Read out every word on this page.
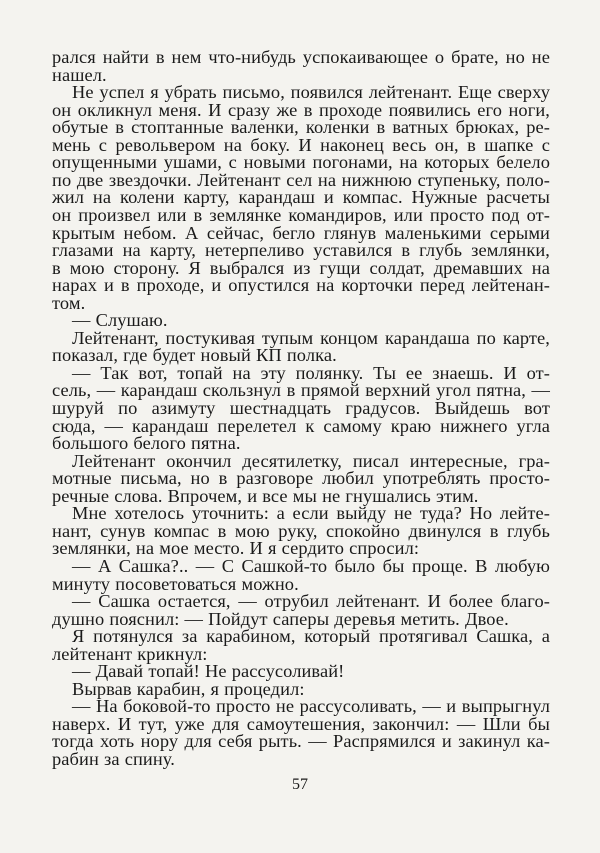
рался найти в нем что-нибудь успокаивающее о брате, но не
нашел.
Не успел я убрать письмо, появился лейтенант. Еще сверху
он окликнул меня. И сразу же в проходе появились его ноги,
обутые в стоптанные валенки, коленки в ватных брюках, ре-
мень с револьвером на боку. И наконец весь он, в шапке с
опущенными ушами, с новыми погонами, на которых белело
по две звездочки. Лейтенант сел на нижнюю ступеньку, поло-
жил на колени карту, карандаш и компас. Нужные расчеты
он произвел или в землянке командиров, или просто под от-
крытым небом. А сейчас, бегло глянув маленькими серыми
глазами на карту, нетерпеливо уставился в глубь землянки,
в мою сторону. Я выбрался из гущи солдат, дремавших на
нарах и в проходе, и опустился на корточки перед лейтенан-
том.
— Слушаю.
Лейтенант, постукивая тупым концом карандаша по карте,
показал, где будет новый КП полка.
— Так вот, топай на эту полянку. Ты ее знаешь. И от-
сель, — карандаш скользнул в прямой верхний угол пятна, —
шуруй по азимуту шестнадцать градусов. Выйдешь вот
сюда, — карандаш перелетел к самому краю нижнего угла
большого белого пятна.
Лейтенант окончил десятилетку, писал интересные, гра-
мотные письма, но в разговоре любил употреблять просто-
речные слова. Впрочем, и все мы не гнушались этим.
Мне хотелось уточнить: а если выйду не туда? Но лейте-
нант, сунув компас в мою руку, спокойно двинулся в глубь
землянки, на мое место. И я сердито спросил:
— А Сашка?.. — С Сашкой-то было бы проще. В любую
минуту посоветоваться можно.
— Сашка остается, — отрубил лейтенант. И более благо-
душно пояснил: — Пойдут саперы деревья метить. Двое.
Я потянулся за карабином, который протягивал Сашка, а
лейтенант крикнул:
— Давай топай! Не рассусоливай!
Вырвав карабин, я процедил:
— На боковой-то просто не рассусоливать, — и выпрыгнул
наверх. И тут, уже для самоутешения, закончил: — Шли бы
тогда хоть нору для себя рыть. — Распрямился и закинул ка-
рабин за спину.
57
